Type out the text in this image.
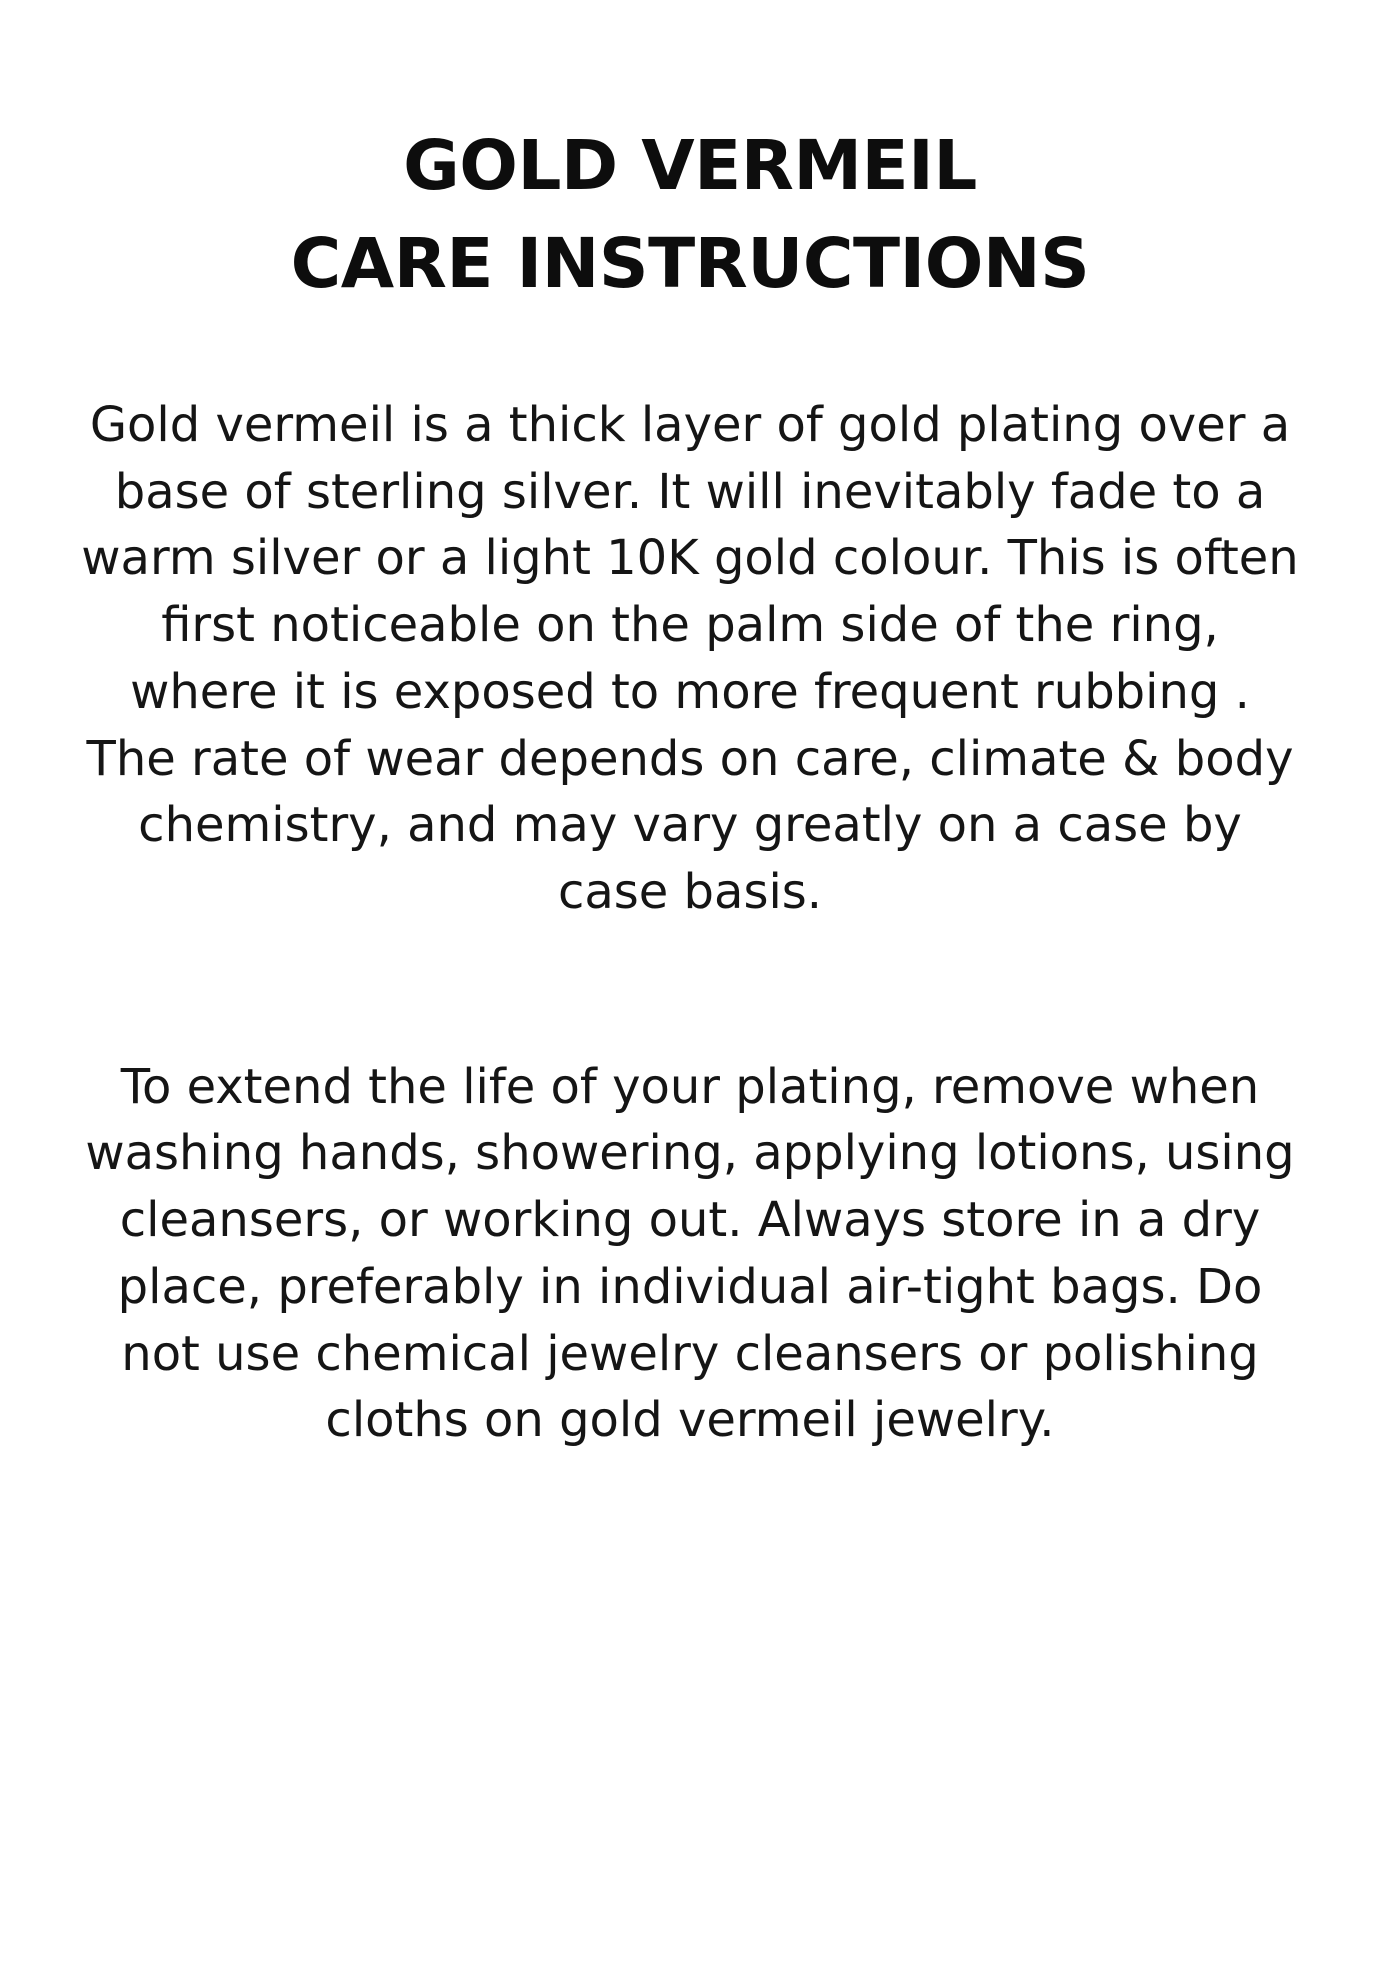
GOLD VERMEIL
CARE INSTRUCTIONS

Gold vermeil is a thick layer of gold plating over a base of sterling silver. It will inevitably fade to a warm silver or a light 10K gold colour. This is often first noticeable on the palm side of the ring, where it is exposed to more frequent rubbing . The rate of wear depends on care, climate & body chemistry, and may vary greatly on a case by case basis.

To extend the life of your plating, remove when washing hands, showering, applying lotions, using cleansers, or working out. Always store in a dry place, preferably in individual air-tight bags. Do not use chemical jewelry cleansers or polishing cloths on gold vermeil jewelry.
